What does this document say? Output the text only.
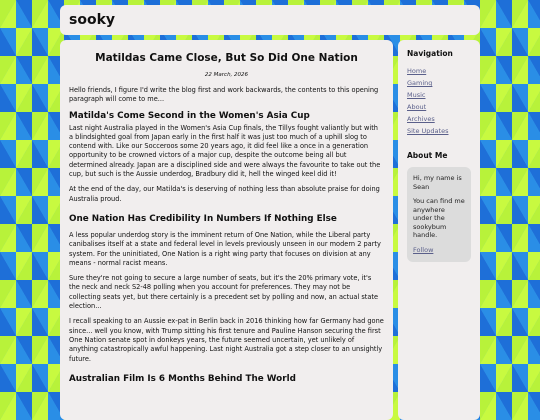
sooky
Matildas Came Close, But So Did One Nation
22 March, 2026

Hello friends, I figure I'd write the blog first and work backwards, the contents to this opening paragraph will come to me...

Matilda's Come Second in the Women's Asia Cup

Last night Australia played in the Women's Asia Cup finals, the Tillys fought valiantly but with a blindsighted goal from Japan early in the first half it was just too much of a uphill slog to contend with. Like our Socceroos some 20 years ago, it did feel like a once in a generation opportunity to be crowned victors of a major cup, despite the outcome being all but determined already. Japan are a disciplined side and were always the favourite to take out the cup, but such is the Aussie underdog, Bradbury did it, hell the winged keel did it!

At the end of the day, our Matilda's is deserving of nothing less than absolute praise for doing Australia proud.

One Nation Has Credibility In Numbers If Nothing Else

A less popular underdog story is the imminent return of One Nation, while the Liberal party canibalises itself at a state and federal level in levels previously unseen in our modern 2 party system. For the uninitiated, One Nation is a right wing party that focuses on division at any means - normal racist means.

Sure they're not going to secure a large number of seats, but it's the 20% primary vote, it's the neck and neck S2-48 polling when you account for preferences. They may not be collecting seats yet, but there certainly is a precedent set by polling and now, an actual state election...

I recall speaking to an Aussie ex-pat in Berlin back in 2016 thinking how far Germany had gone since... well you know, with Trump sitting his first tenure and Pauline Hanson securing the first One Nation senate spot in donkeys years, the future seemed uncertain, yet unlikely of anything catastropically awful happening. Last night Australia got a step closer to an unsightly future.

Australian Film Is 6 Months Behind The World
Navigation
Home
Gaming
Music
About
Archives
Site Updates
About Me

Hi, my name is Sean

You can find me anywhere under the sookybum handle.

Follow
